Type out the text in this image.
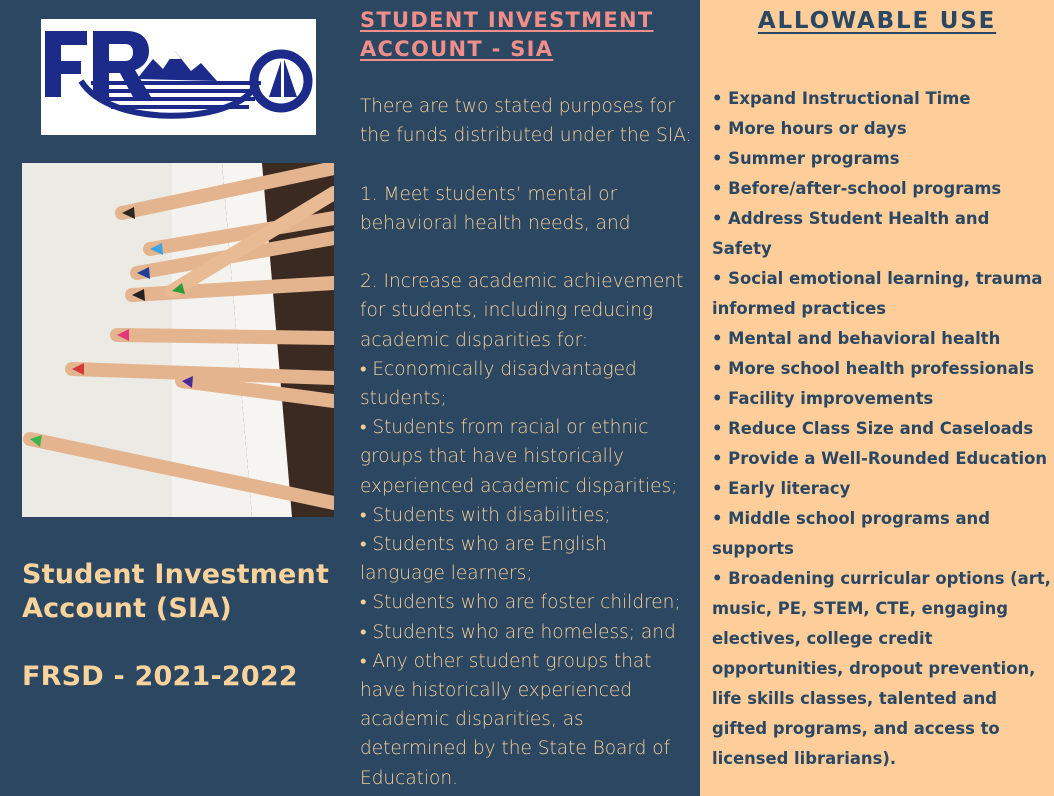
Student Investment
Account (SIA)
FRSD - 2021-2022
STUDENT INVESTMENT
ACCOUNT - SIA

There are two stated purposes for the funds distributed under the SIA:

1. Meet students’ mental or behavioral health needs, and

2. Increase academic achievement for students, including reducing academic disparities for:

• Economically disadvantaged students;

• Students from racial or ethnic groups that have historically experienced academic disparities;

• Students with disabilities;

• Students who are English language learners;

• Students who are foster children;

• Students who are homeless; and

• Any other student groups that have historically experienced academic disparities, as determined by the State Board of Education.

ALLOWABLE USE
• Expand Instructional Time
• More hours or days
• Summer programs
• Before/after-school programs
• Address Student Health and Safety
• Social emotional learning, trauma informed practices
• Mental and behavioral health
• More school health professionals
• Facility improvements
• Reduce Class Size and Caseloads
• Provide a Well-Rounded Education
• Early literacy
• Middle school programs and supports
• Broadening curricular options (art, music, PE, STEM, CTE, engaging electives, college credit opportunities, dropout prevention, life skills classes, talented and gifted programs, and access to licensed librarians).
